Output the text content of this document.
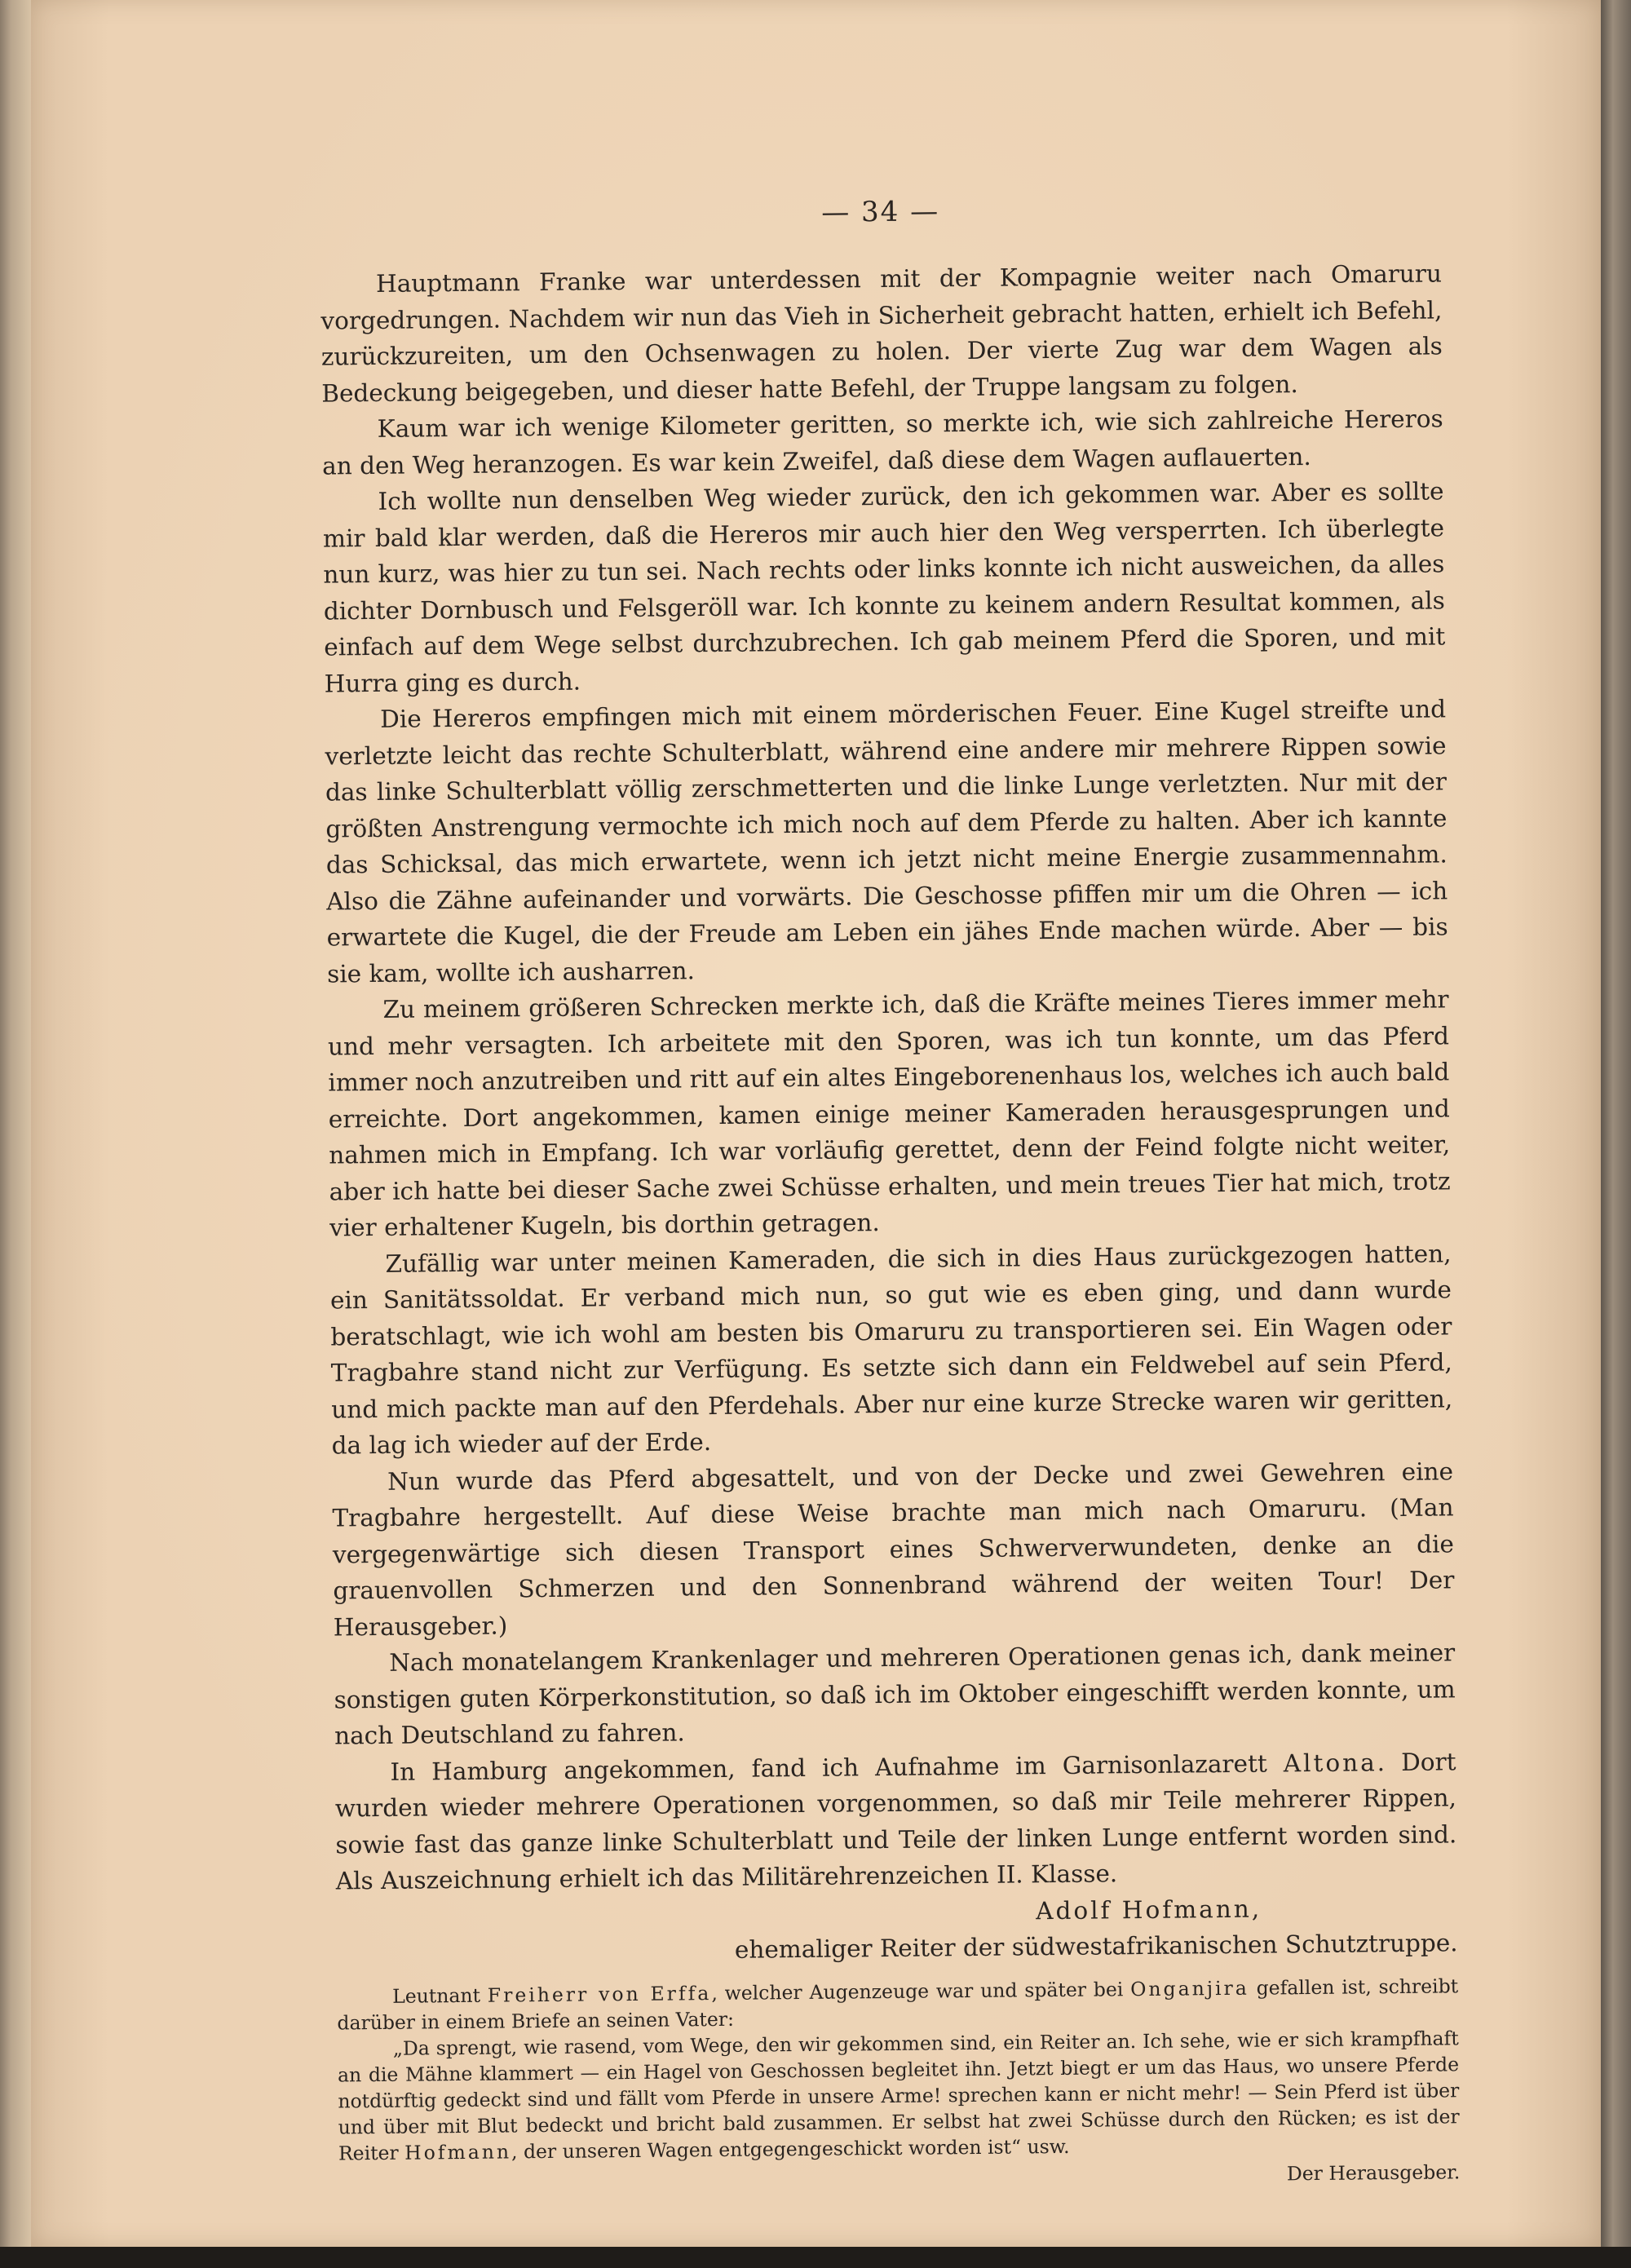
— 34 —

Hauptmann Franke war unterdessen mit der Kompagnie weiter nach Omaruru vorgedrungen. Nachdem wir nun das Vieh in Sicherheit gebracht hatten, erhielt ich Befehl, zurückzureiten, um den Ochsenwagen zu holen. Der vierte Zug war dem Wagen als Bedeckung beigegeben, und dieser hatte Befehl, der Truppe langsam zu folgen.

Kaum war ich wenige Kilometer geritten, so merkte ich, wie sich zahlreiche Hereros an den Weg heranzogen. Es war kein Zweifel, daß diese dem Wagen auflauerten.

Ich wollte nun denselben Weg wieder zurück, den ich gekommen war. Aber es sollte mir bald klar werden, daß die Hereros mir auch hier den Weg versperrten. Ich überlegte nun kurz, was hier zu tun sei. Nach rechts oder links konnte ich nicht ausweichen, da alles dichter Dornbusch und Felsgeröll war. Ich konnte zu keinem andern Resultat kommen, als einfach auf dem Wege selbst durchzubrechen. Ich gab meinem Pferd die Sporen, und mit Hurra ging es durch.

Die Hereros empfingen mich mit einem mörderischen Feuer. Eine Kugel streifte und verletzte leicht das rechte Schulterblatt, während eine andere mir mehrere Rippen sowie das linke Schulterblatt völlig zerschmetterten und die linke Lunge verletzten. Nur mit der größten Anstrengung vermochte ich mich noch auf dem Pferde zu halten. Aber ich kannte das Schicksal, das mich erwartete, wenn ich jetzt nicht meine Energie zusammennahm. Also die Zähne aufeinander und vorwärts. Die Geschosse pfiffen mir um die Ohren — ich erwartete die Kugel, die der Freude am Leben ein jähes Ende machen würde. Aber — bis sie kam, wollte ich ausharren.

Zu meinem größeren Schrecken merkte ich, daß die Kräfte meines Tieres immer mehr und mehr versagten. Ich arbeitete mit den Sporen, was ich tun konnte, um das Pferd immer noch anzutreiben und ritt auf ein altes Eingeborenenhaus los, welches ich auch bald erreichte. Dort angekommen, kamen einige meiner Kameraden herausgesprungen und nahmen mich in Empfang. Ich war vorläufig gerettet, denn der Feind folgte nicht weiter, aber ich hatte bei dieser Sache zwei Schüsse erhalten, und mein treues Tier hat mich, trotz vier erhaltener Kugeln, bis dorthin getragen.

Zufällig war unter meinen Kameraden, die sich in dies Haus zurückgezogen hatten, ein Sanitätssoldat. Er verband mich nun, so gut wie es eben ging, und dann wurde beratschlagt, wie ich wohl am besten bis Omaruru zu transportieren sei. Ein Wagen oder Tragbahre stand nicht zur Verfügung. Es setzte sich dann ein Feldwebel auf sein Pferd, und mich packte man auf den Pferdehals. Aber nur eine kurze Strecke waren wir geritten, da lag ich wieder auf der Erde.

Nun wurde das Pferd abgesattelt, und von der Decke und zwei Gewehren eine Tragbahre hergestellt. Auf diese Weise brachte man mich nach Omaruru. (Man vergegenwärtige sich diesen Transport eines Schwerverwundeten, denke an die grauenvollen Schmerzen und den Sonnenbrand während der weiten Tour! Der Herausgeber.)

Nach monatelangem Krankenlager und mehreren Operationen genas ich, dank meiner sonstigen guten Körperkonstitution, so daß ich im Oktober eingeschifft werden konnte, um nach Deutschland zu fahren.

In Hamburg angekommen, fand ich Aufnahme im Garnisonlazarett Altona. Dort wurden wieder mehrere Operationen vorgenommen, so daß mir Teile mehrerer Rippen, sowie fast das ganze linke Schulterblatt und Teile der linken Lunge entfernt worden sind. Als Auszeichnung erhielt ich das Militärehrenzeichen II. Klasse.

Adolf Hofmann,

ehemaliger Reiter der südwestafrikanischen Schutztruppe.

Leutnant Freiherr von Erffa, welcher Augenzeuge war und später bei Onganjira gefallen ist, schreibt darüber in einem Briefe an seinen Vater:

„Da sprengt, wie rasend, vom Wege, den wir gekommen sind, ein Reiter an. Ich sehe, wie er sich krampfhaft an die Mähne klammert — ein Hagel von Geschossen begleitet ihn. Jetzt biegt er um das Haus, wo unsere Pferde notdürftig gedeckt sind und fällt vom Pferde in unsere Arme! sprechen kann er nicht mehr! — Sein Pferd ist über und über mit Blut bedeckt und bricht bald zusammen. Er selbst hat zwei Schüsse durch den Rücken; es ist der Reiter Hofmann, der unseren Wagen entgegengeschickt worden ist“ usw.

Der Herausgeber.
